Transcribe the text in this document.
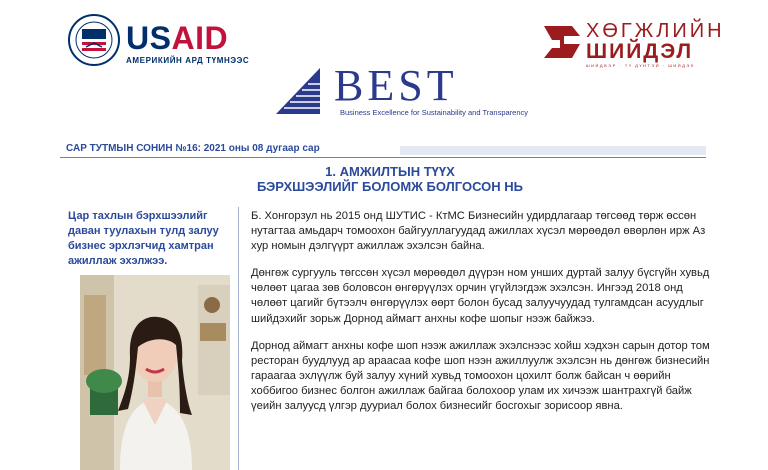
USAID
АМЕРИКИЙН АРД ТҮМНЭЭС
ХӨГЖЛИЙН
ШИЙДЭЛ
ШИЙДВЭР · ТҮ ДҮНТЭЙ · ШИЙДЭЛ
BEST
Business Excellence for Sustainability and Transparency
САР ТУТМЫН СОНИН №16: 2021 оны 08 дугаар сар
1. АМЖИЛТЫН ТҮҮХ
БЭРХШЭЭЛИЙГ БОЛОМЖ БОЛГОСОН НЬ
Цар тахлын бэрхшээлийг даван туулахын тулд залуу бизнес эрхлэгчид хамтран ажиллаж эхэлжээ.

Б. Хонгорзул нь 2015 онд ШУТИС - КтМС Бизнесийн удирдлагаар төгсөөд төрж өссөн нутагтаа амьдарч томоохон байгууллагуудад ажиллах хүсэл мөрөөдөл өвөрлөн ирж Аз хур номын дэлгүүрт ажиллаж эхэлсэн байна.

Дөнгөж сургууль төгссөн хүсэл мөрөөдөл дүүрэн ном унших дуртай залуу бүсгүйн хувьд чөлөөт цагаа зөв боловсон өнгөрүүлэх орчин үгүйлэгдэж эхэлсэн. Ингээд 2018 онд чөлөөт цагийг бүтээлч өнгөрүүлэх өөрт болон бусад залуучуудад тулгамдсан асуудлыг шийдэхийг зорьж Дорнод аймагт анхны кофе шопыг нээж байжээ.

Дорнод аймагт анхны кофе шоп нээж ажиллаж эхэлснээс хойш хэдхэн сарын дотор том ресторан буудлууд ар араасаа кофе шоп нээн ажиллуулж эхэлсэн нь дөнгөж бизнесийн гараагаа эхлүүлж буй залуу хүний хувьд томоохон цохилт болж байсан ч өөрийн хоббигоо бизнес болгон ажиллаж байгаа болохоор улам их хичээж шантрахгүй байж үеийн залуусд үлгэр дууриал болох бизнесийг босгохыг зорисоор явна.
